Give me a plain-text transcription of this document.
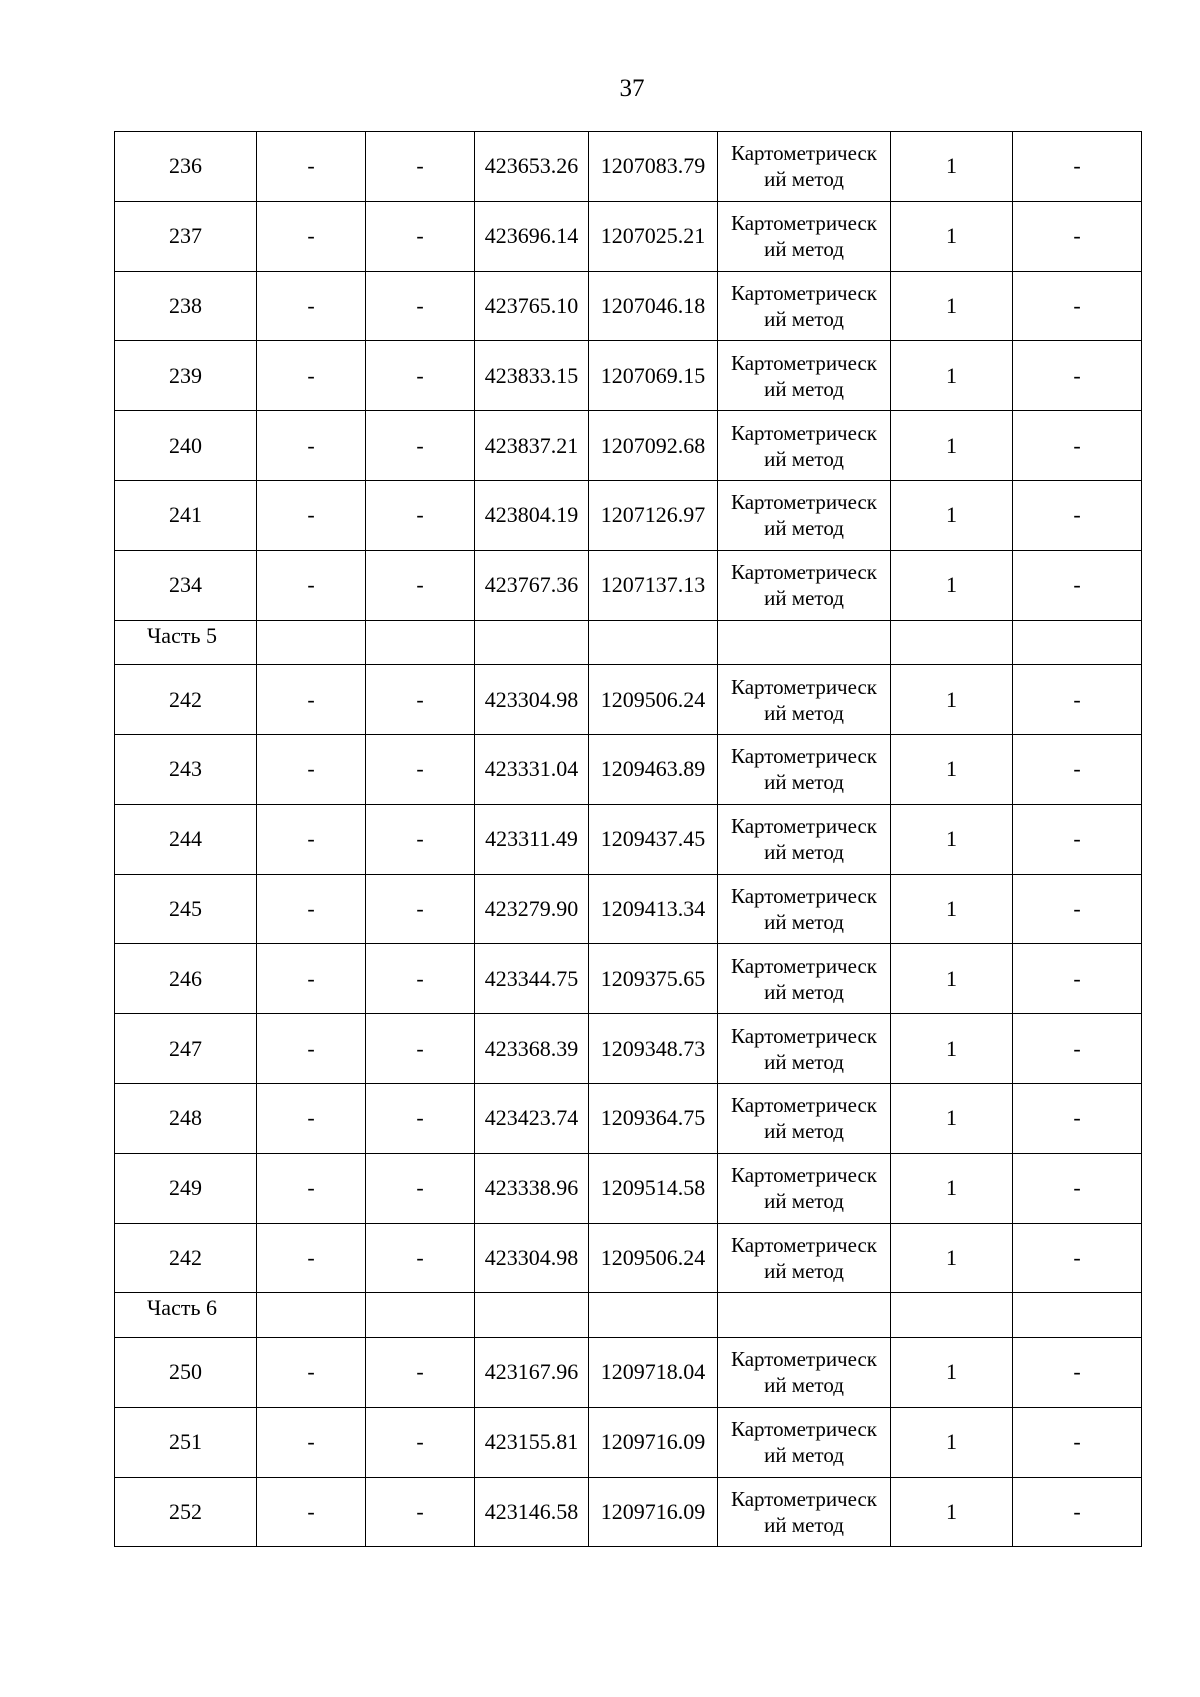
37
236	-	-	423653.26	1207083.79	Картометрическ
ий метод	1	-
237	-	-	423696.14	1207025.21	Картометрическ
ий метод	1	-
238	-	-	423765.10	1207046.18	Картометрическ
ий метод	1	-
239	-	-	423833.15	1207069.15	Картометрическ
ий метод	1	-
240	-	-	423837.21	1207092.68	Картометрическ
ий метод	1	-
241	-	-	423804.19	1207126.97	Картометрическ
ий метод	1	-
234	-	-	423767.36	1207137.13	Картометрическ
ий метод	1	-
Часть 5							
242	-	-	423304.98	1209506.24	Картометрическ
ий метод	1	-
243	-	-	423331.04	1209463.89	Картометрическ
ий метод	1	-
244	-	-	423311.49	1209437.45	Картометрическ
ий метод	1	-
245	-	-	423279.90	1209413.34	Картометрическ
ий метод	1	-
246	-	-	423344.75	1209375.65	Картометрическ
ий метод	1	-
247	-	-	423368.39	1209348.73	Картометрическ
ий метод	1	-
248	-	-	423423.74	1209364.75	Картометрическ
ий метод	1	-
249	-	-	423338.96	1209514.58	Картометрическ
ий метод	1	-
242	-	-	423304.98	1209506.24	Картометрическ
ий метод	1	-
Часть 6							
250	-	-	423167.96	1209718.04	Картометрическ
ий метод	1	-
251	-	-	423155.81	1209716.09	Картометрическ
ий метод	1	-
252	-	-	423146.58	1209716.09	Картометрическ
ий метод	1	-
